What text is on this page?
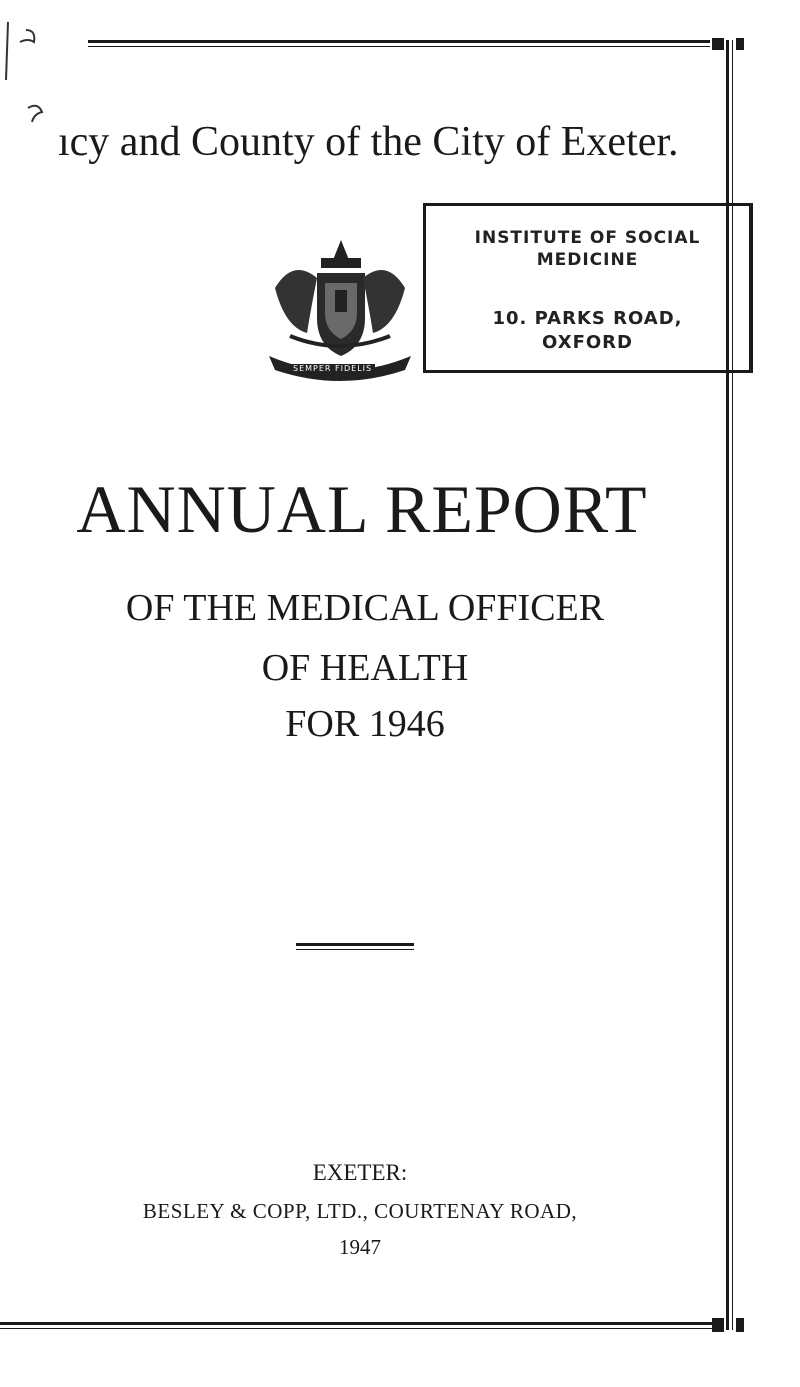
ıcy and County of the City of Exeter.
SEMPER FIDELIS
INSTITUTE OF SOCIAL
MEDICINE
10. PARKS ROAD,
OXFORD
ANNUAL REPORT
OF THE MEDICAL OFFICER
OF HEALTH
FOR 1946
EXETER:
BESLEY & COPP, LTD., COURTENAY ROAD,
1947
